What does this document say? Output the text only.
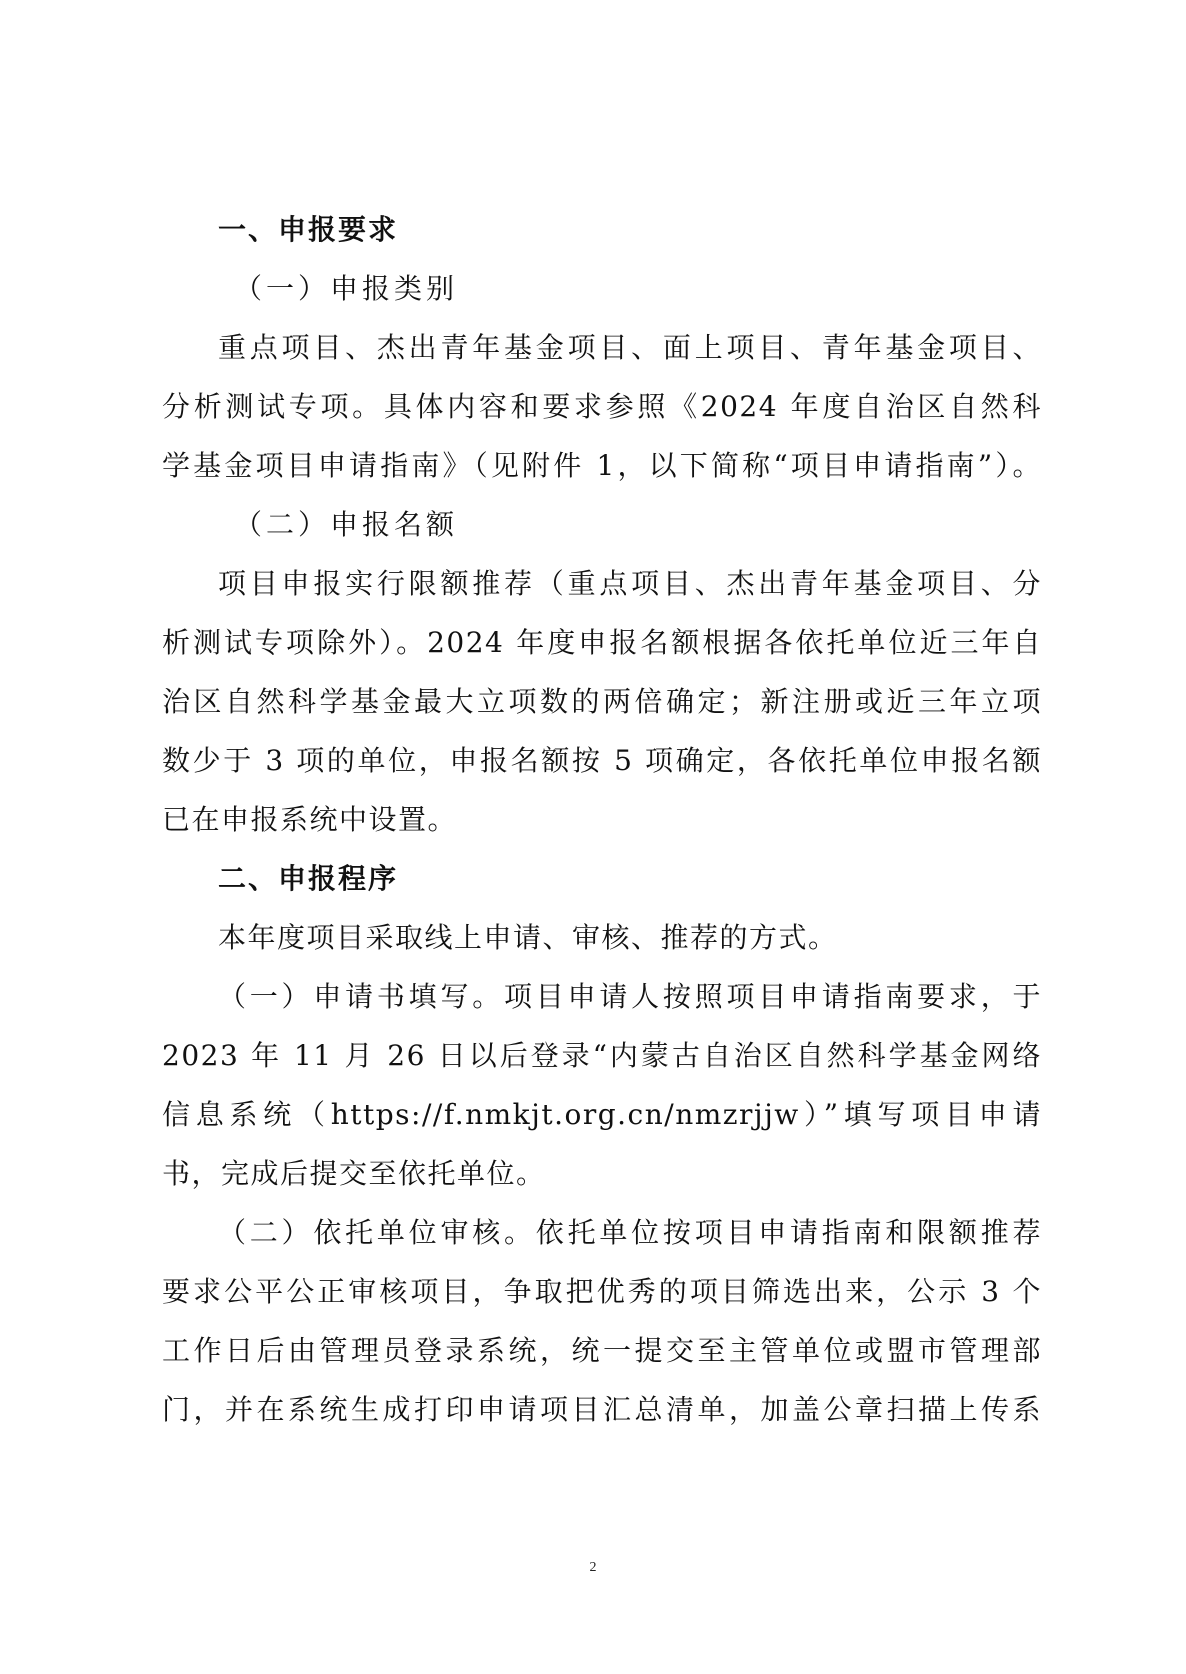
一、申报要求
（一）申报类别
重点项目、杰出青年基金项目、面上项目、青年基金项目、
分析测试专项。具体内容和要求参照《2024 年度自治区自然科
学基金项目申请指南》（见附件 1，以下简称“项目申请指南”）。
（二）申报名额
项目申报实行限额推荐（重点项目、杰出青年基金项目、分
析测试专项除外）。2024 年度申报名额根据各依托单位近三年自
治区自然科学基金最大立项数的两倍确定；新注册或近三年立项
数少于 3 项的单位，申报名额按 5 项确定，各依托单位申报名额
已在申报系统中设置。
二、申报程序
本年度项目采取线上申请、审核、推荐的方式。
（一）申请书填写。项目申请人按照项目申请指南要求，于
2023 年 11 月 26 日以后登录“内蒙古自治区自然科学基金网络
信息系统（https://f.nmkjt.org.cn/nmzrjjw）”填写项目申请
书，完成后提交至依托单位。
（二）依托单位审核。依托单位按项目申请指南和限额推荐
要求公平公正审核项目，争取把优秀的项目筛选出来，公示 3 个
工作日后由管理员登录系统，统一提交至主管单位或盟市管理部
门，并在系统生成打印申请项目汇总清单，加盖公章扫描上传系
2
